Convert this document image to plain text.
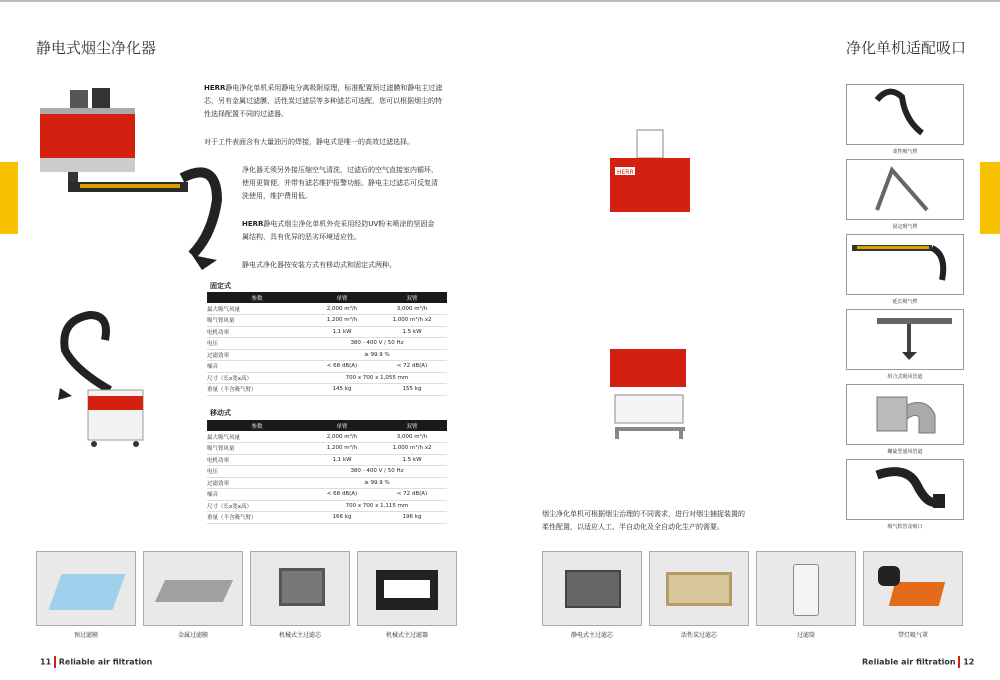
静电式烟尘净化器
HERR静电净化单机采用静电分离吸附原理，标准配置预过滤膜和静电主过滤
芯，另有金属过滤膜、活性炭过滤层等多种滤芯可选配，您可以根据烟尘的特
性选择配置不同的过滤器。
对于工件表面含有大量油污的焊接，静电式是唯一的高效过滤选择。
净化器无须另外接压缩空气清洗，过滤后的空气直接室内循环，
使用更简便，并带有滤芯维护报警功能。静电主过滤芯可反复清
洗使用，维护费用低。
HERR静电式烟尘净化单机外壳采用经防UV粉末喷涂的坚固金
属结构，具有优异的恶劣环境适应性。
静电式净化器按安装方式有移动式和固定式两种。
固定式
参数	单臂	双臂
最大吸气风量	2,000 m³/h	3,000 m³/h
吸气臂风量	1,200 m³/h	1,000 m³/h x2
电机功率	1.1 kW	1.5 kW
电压	380 - 400 V / 50 Hz	
过滤效率	≥ 99.9 %	
噪音	< 68 dB(A)	< 72 dB(A)
尺寸（长x宽x高）	700 x 700 x 1,055 mm	
重量（不含吸气臂）	145 kg	155 kg
移动式
参数	单臂	双臂
最大吸气风量	2,000 m³/h	3,000 m³/h
吸气臂风量	1,200 m³/h	1,000 m³/h x2
电机功率	1.1 kW	1.5 kW
电压	380 - 400 V / 50 Hz	
过滤效率	≥ 99.9 %	
噪音	< 68 dB(A)	< 72 dB(A)
尺寸（长x宽x高）	700 x 700 x 1,115 mm	
重量（不含吸气臂）	166 kg	196 kg
预过滤膜	金属过滤膜	机械式主过滤芯	机械式主过滤器
11 Reliable air filtration
净化单机适配吸口
HERR
柔性吸气臂
固定吸气臂
延长吸气臂
组合式吸风管道
螺旋型通风管道
吸气软管及吸口
烟尘净化单机可根据烟尘治理的不同需求，进行对烟尘捕捉装置的
柔性配置，以适应人工、半自动化及全自动化生产的需要。
静电式主过滤芯	活性炭过滤芯	过滤筒	带灯吸气罩
Reliable air filtration 12
